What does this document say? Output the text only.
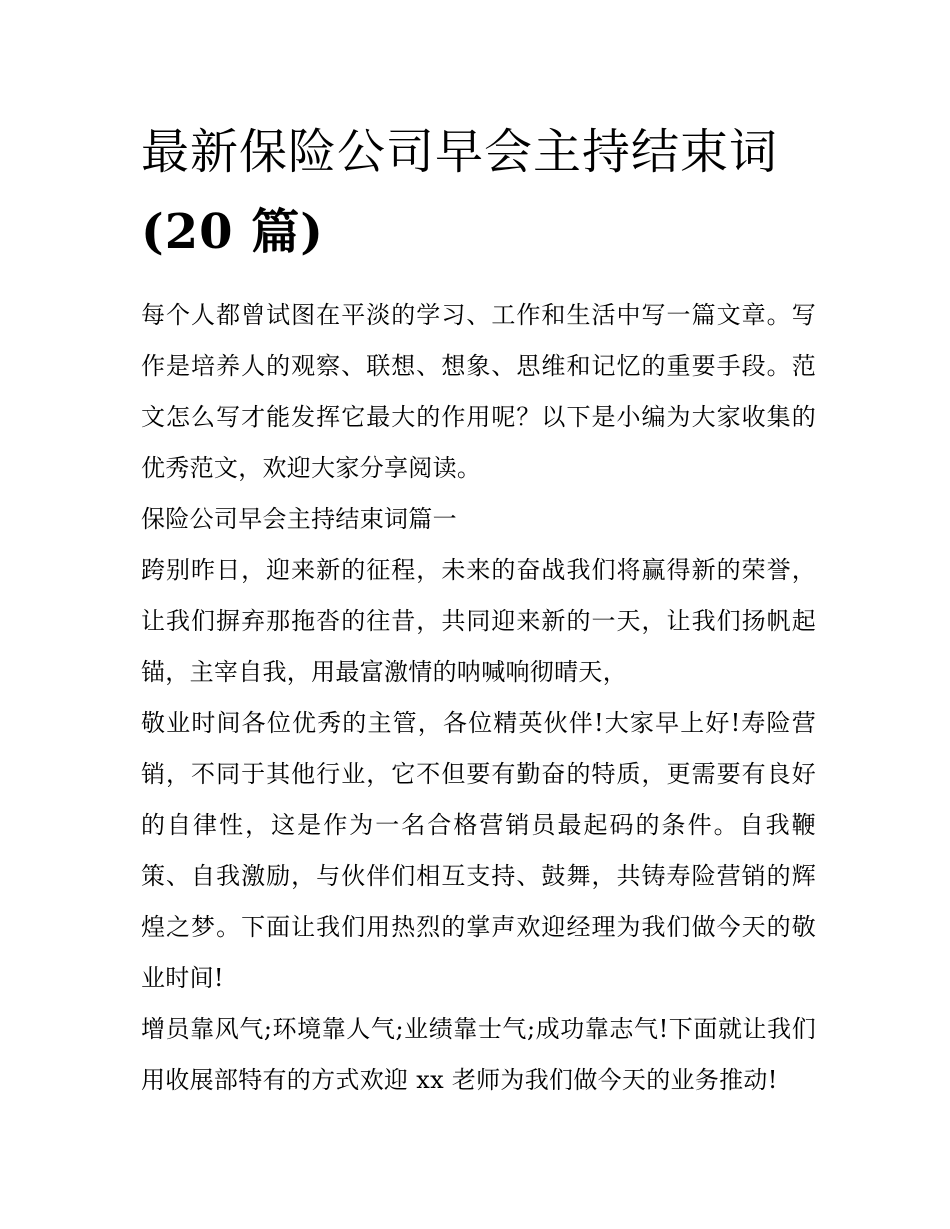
最新保险公司早会主持结束词
(20 篇)

每个人都曾试图在平淡的学习、工作和生活中写一篇文章。写作是培养人的观察、联想、想象、思维和记忆的重要手段。范文怎么写才能发挥它最大的作用呢？以下是小编为大家收集的优秀范文，欢迎大家分享阅读。

保险公司早会主持结束词篇一

跨别昨日，迎来新的征程，未来的奋战我们将赢得新的荣誉，让我们摒弃那拖沓的往昔，共同迎来新的一天，让我们扬帆起锚，主宰自我，用最富激情的呐喊响彻晴天，

敬业时间各位优秀的主管，各位精英伙伴!大家早上好!寿险营销，不同于其他行业，它不但要有勤奋的特质，更需要有良好的自律性，这是作为一名合格营销员最起码的条件。自我鞭策、自我激励，与伙伴们相互支持、鼓舞，共铸寿险营销的辉煌之梦。下面让我们用热烈的掌声欢迎经理为我们做今天的敬业时间!

增员靠风气;环境靠人气;业绩靠士气;成功靠志气!下面就让我们用收展部特有的方式欢迎 xx 老师为我们做今天的业务推动!
